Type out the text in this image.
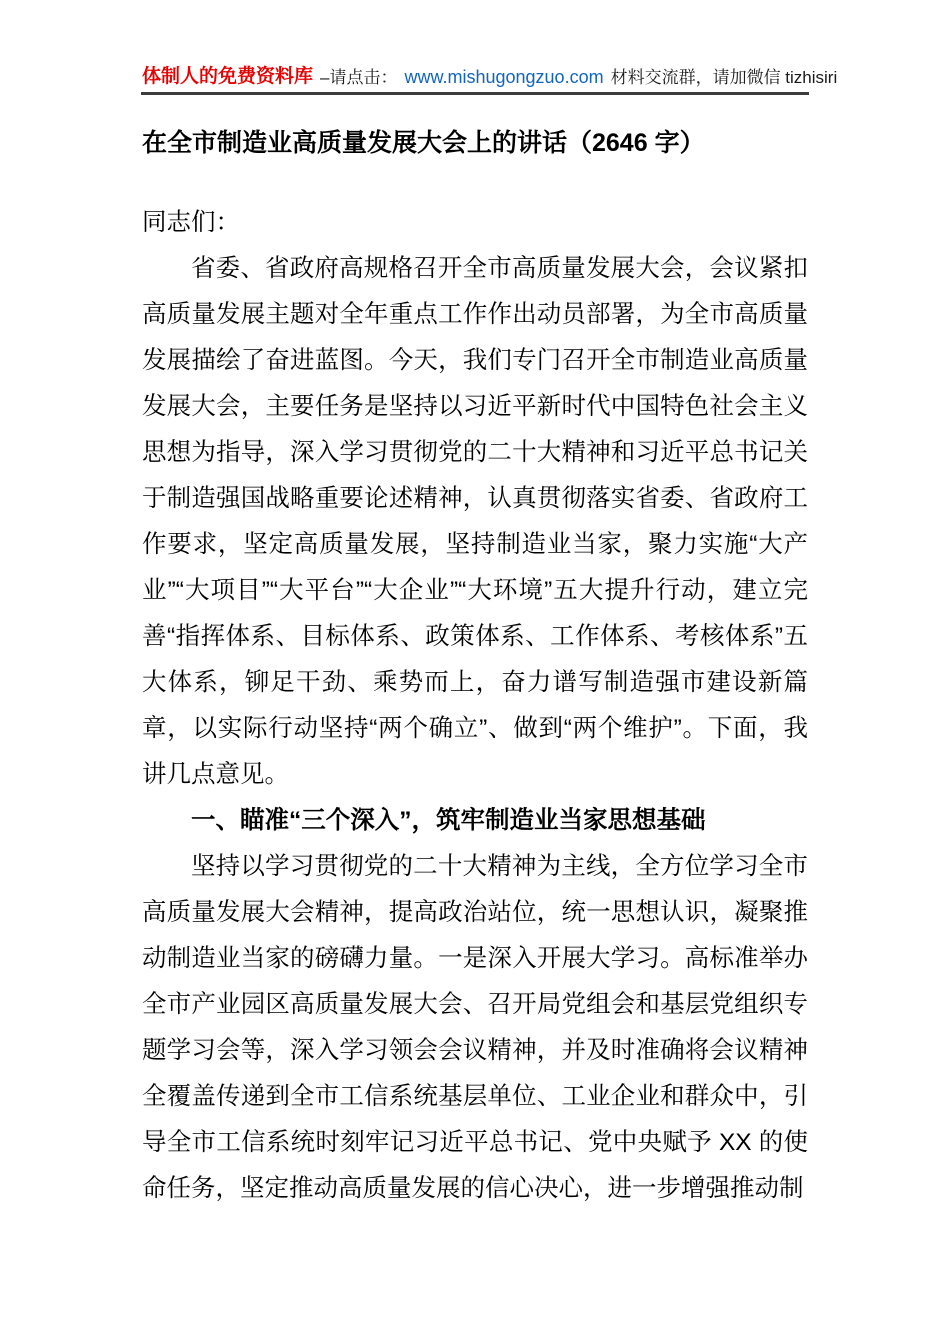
体制人的免费资料库 –请点击： www.mishugongzuo.com 材料交流群，请加微信 tizhisiri
在全市制造业高质量发展大会上的讲话（2646 字）
同志们：

省委、省政府高规格召开全市高质量发展大会，会议紧扣高质量发展主题对全年重点工作作出动员部署，为全市高质量发展描绘了奋进蓝图。今天，我们专门召开全市制造业高质量发展大会，主要任务是坚持以习近平新时代中国特色社会主义思想为指导，深入学习贯彻党的二十大精神和习近平总书记关于制造强国战略重要论述精神，认真贯彻落实省委、省政府工作要求，坚定高质量发展，坚持制造业当家，聚力实施“大产业”“大项目”“大平台”“大企业”“大环境”五大提升行动，建立完善“指挥体系、目标体系、政策体系、工作体系、考核体系”五大体系，铆足干劲、乘势而上，奋力谱写制造强市建设新篇章，以实际行动坚持“两个确立”、做到“两个维护”。下面，我讲几点意见。

一、瞄准“三个深入”，筑牢制造业当家思想基础

坚持以学习贯彻党的二十大精神为主线，全方位学习全市高质量发展大会精神，提高政治站位，统一思想认识，凝聚推动制造业当家的磅礴力量。一是深入开展大学习。高标准举办全市产业园区高质量发展大会、召开局党组会和基层党组织专题学习会等，深入学习领会会议精神，并及时准确将会议精神全覆盖传递到全市工信系统基层单位、工业企业和群众中，引导全市工信系统时刻牢记习近平总书记、党中央赋予 XX 的使命任务，坚定推动高质量发展的信心决心，进一步增强推动制
